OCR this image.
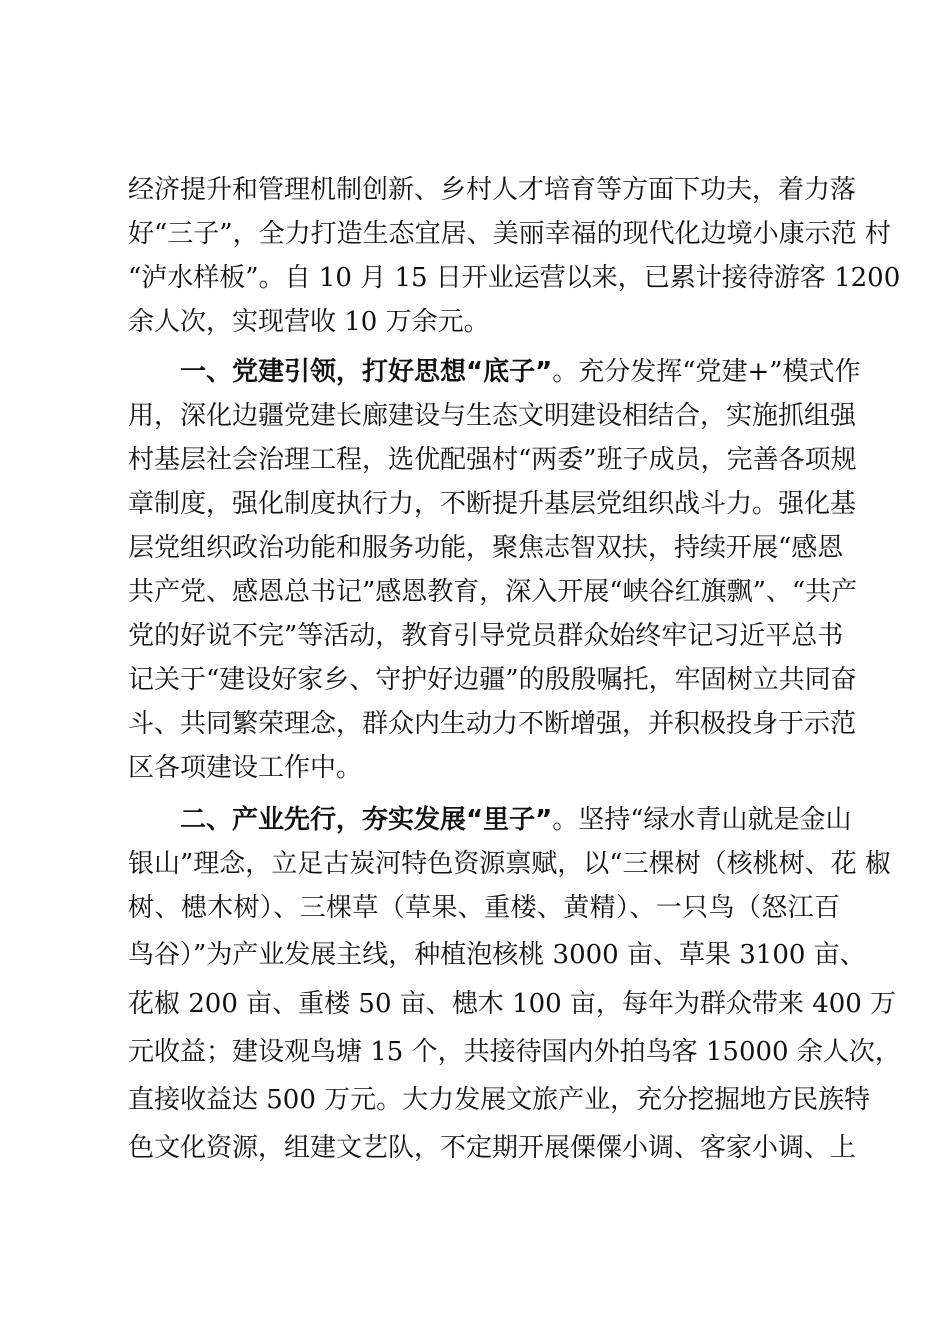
经济提升和管理机制创新、乡村人才培育等方面下功夫，着力落
好“三子”，全力打造生态宜居、美丽幸福的现代化边境小康示范 村
“泸水样板”。自 10 月 15 日开业运营以来，已累计接待游客 1200
余人次，实现营收 10 万余元。
一、党建引领，打好思想“底子”。充分发挥“党建+”模式作
用，深化边疆党建长廊建设与生态文明建设相结合，实施抓组强
村基层社会治理工程，选优配强村“两委”班子成员，完善各项规
章制度，强化制度执行力，不断提升基层党组织战斗力。强化基
层党组织政治功能和服务功能，聚焦志智双扶，持续开展“感恩
共产党、感恩总书记”感恩教育，深入开展“峡谷红旗飘”、“共产
党的好说不完”等活动，教育引导党员群众始终牢记习近平总书
记关于“建设好家乡、守护好边疆”的殷殷嘱托，牢固树立共同奋
斗、共同繁荣理念，群众内生动力不断增强，并积极投身于示范
区各项建设工作中。
二、产业先行，夯实发展“里子”。坚持“绿水青山就是金山
银山”理念，立足古炭河特色资源禀赋，以“三棵树（核桃树、花 椒
树、槵木树）、三棵草（草果、重楼、黄精）、一只鸟（怒江百
鸟谷）”为产业发展主线，种植泡核桃 3000 亩、草果 3100 亩、
花椒 200 亩、重楼 50 亩、槵木 100 亩，每年为群众带来 400 万
元收益；建设观鸟塘 15 个，共接待国内外拍鸟客 15000 余人次，
直接收益达 500 万元。大力发展文旅产业，充分挖掘地方民族特
色文化资源，组建文艺队，不定期开展傈僳小调、客家小调、上
